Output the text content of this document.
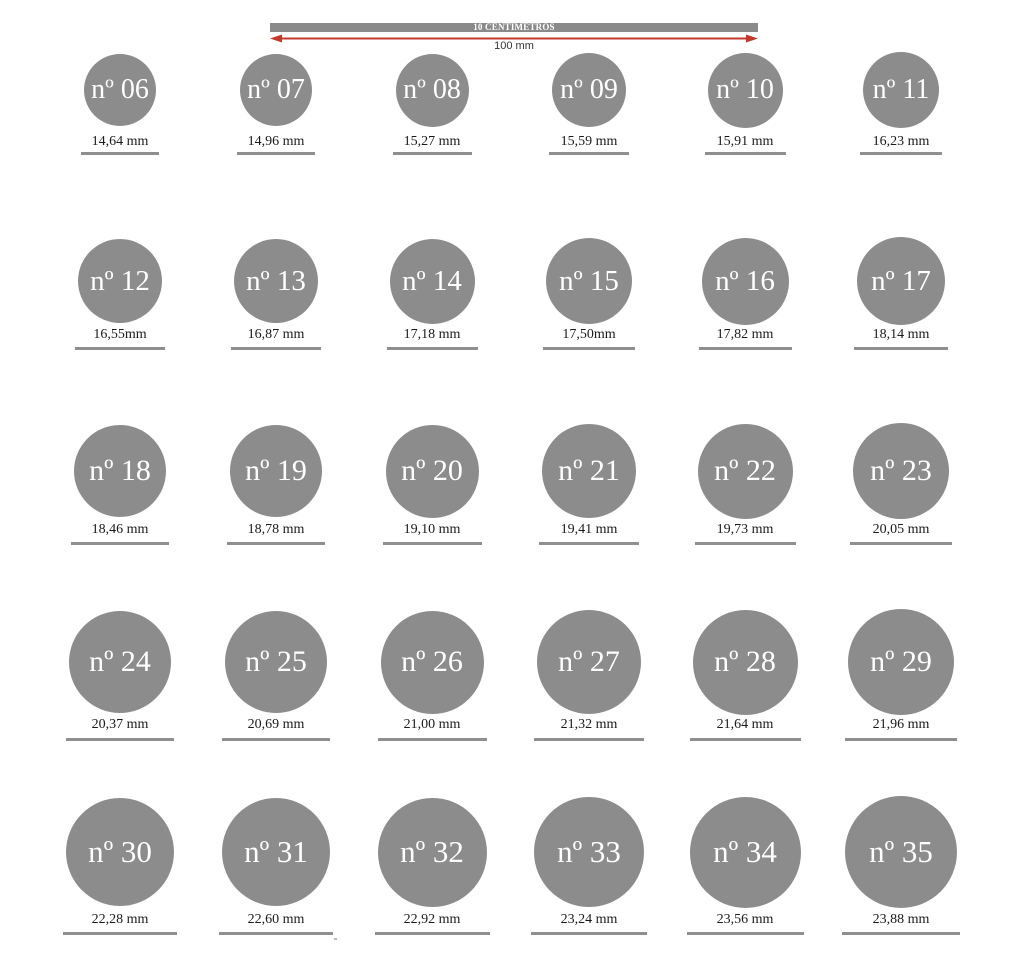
10 CENTIMETROS
100 mm
nº 06
14,64 mm
nº 07
14,96 mm
nº 08
15,27 mm
nº 09
15,59 mm
nº 10
15,91 mm
nº 11
16,23 mm
nº 12
16,55mm
nº 13
16,87 mm
nº 14
17,18 mm
nº 15
17,50mm
nº 16
17,82 mm
nº 17
18,14 mm
nº 18
18,46 mm
nº 19
18,78 mm
nº 20
19,10 mm
nº 21
19,41 mm
nº 22
19,73 mm
nº 23
20,05 mm
nº 24
20,37 mm
nº 25
20,69 mm
nº 26
21,00 mm
nº 27
21,32 mm
nº 28
21,64 mm
nº 29
21,96 mm
nº 30
22,28 mm
nº 31
22,60 mm
nº 32
22,92 mm
nº 33
23,24 mm
nº 34
23,56 mm
nº 35
23,88 mm
